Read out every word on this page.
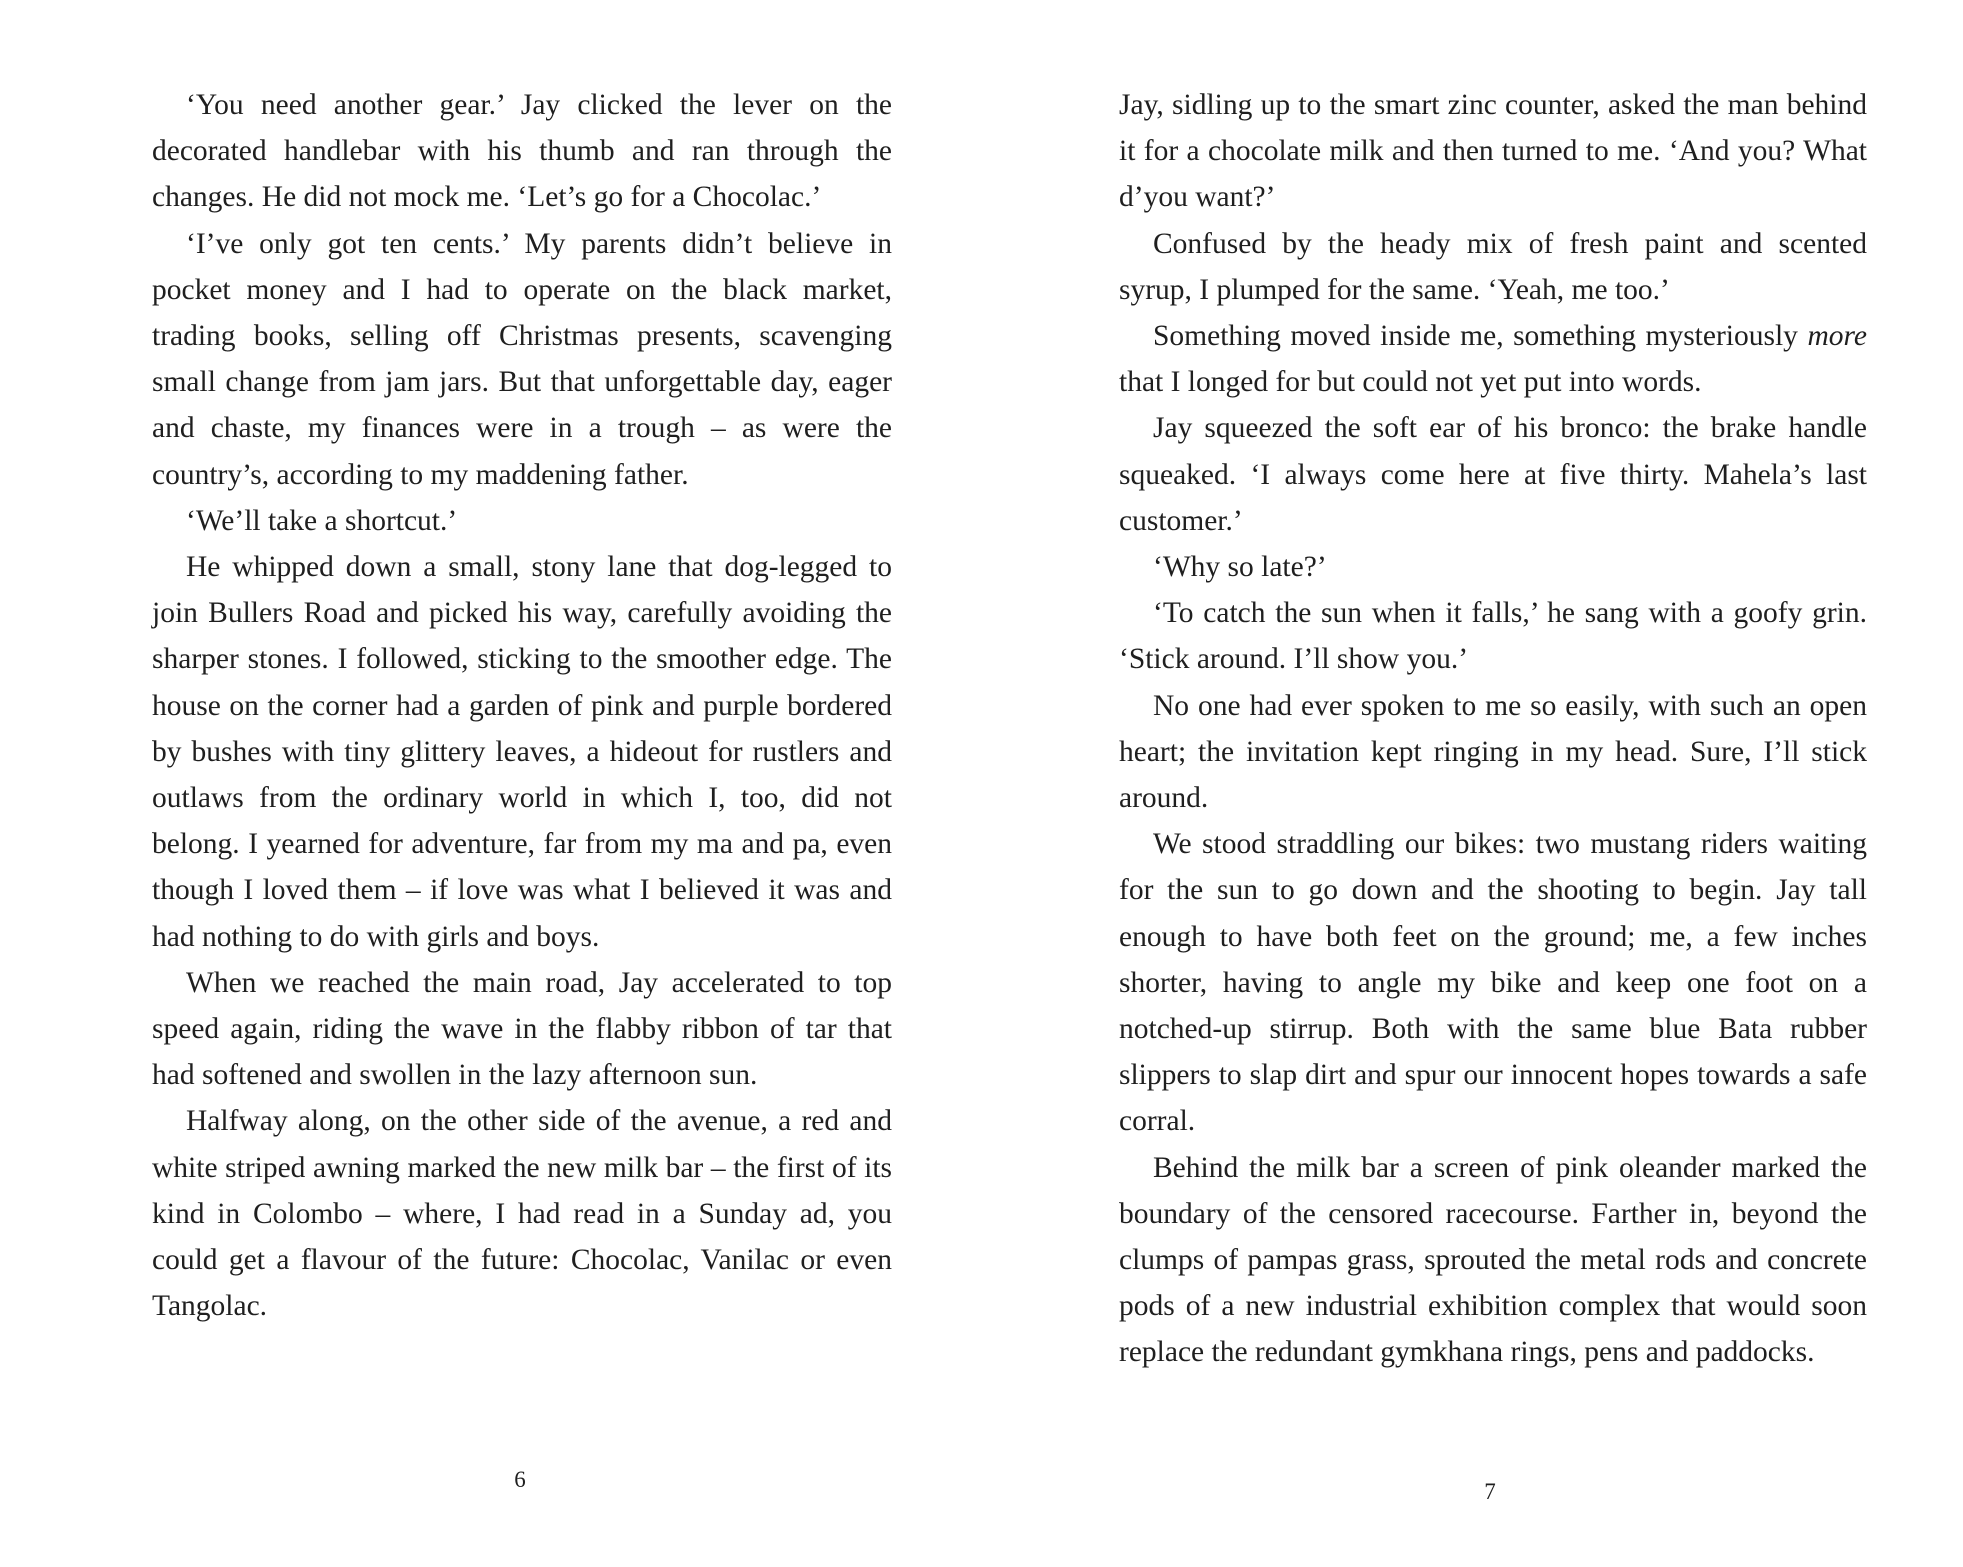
‘You need another gear.’ Jay clicked the lever on the decorated handlebar with his thumb and ran through the changes. He did not mock me. ‘Let’s go for a Chocolac.’

‘I’ve only got ten cents.’ My parents didn’t believe in pocket money and I had to operate on the black market, trading books, selling off Christmas presents, scavenging small change from jam jars. But that unforgettable day, eager and chaste, my finances were in a trough – as were the country’s, according to my maddening father.

‘We’ll take a shortcut.’

He whipped down a small, stony lane that dog-legged to join Bullers Road and picked his way, carefully avoiding the sharper stones. I followed, sticking to the smoother edge. The house on the corner had a garden of pink and purple bordered by bushes with tiny glittery leaves, a hideout for rustlers and outlaws from the ordinary world in which I, too, did not belong. I yearned for adventure, far from my ma and pa, even though I loved them – if love was what I believed it was and had nothing to do with girls and boys.

When we reached the main road, Jay accelerated to top speed again, riding the wave in the flabby ribbon of tar that had softened and swollen in the lazy afternoon sun.

Halfway along, on the other side of the avenue, a red and white striped awning marked the new milk bar – the first of its kind in Colombo – where, I had read in a Sunday ad, you could get a flavour of the future: Chocolac, Vanilac or even Tangolac.

6

Jay, sidling up to the smart zinc counter, asked the man behind it for a chocolate milk and then turned to me. ‘And you? What d’you want?’

Confused by the heady mix of fresh paint and scented syrup, I plumped for the same. ‘Yeah, me too.’

Something moved inside me, something mysteriously more that I longed for but could not yet put into words.

Jay squeezed the soft ear of his bronco: the brake handle squeaked. ‘I always come here at five thirty. Mahela’s last customer.’

‘Why so late?’

‘To catch the sun when it falls,’ he sang with a goofy grin. ‘Stick around. I’ll show you.’

No one had ever spoken to me so easily, with such an open heart; the invitation kept ringing in my head. Sure, I’ll stick around.

We stood straddling our bikes: two mustang riders waiting for the sun to go down and the shooting to begin. Jay tall enough to have both feet on the ground; me, a few inches shorter, having to angle my bike and keep one foot on a notched-up stirrup. Both with the same blue Bata rubber slippers to slap dirt and spur our innocent hopes towards a safe corral.

Behind the milk bar a screen of pink oleander marked the boundary of the censored racecourse. Farther in, beyond the clumps of pampas grass, sprouted the metal rods and concrete pods of a new industrial exhibition complex that would soon replace the redundant gymkhana rings, pens and paddocks.

7
